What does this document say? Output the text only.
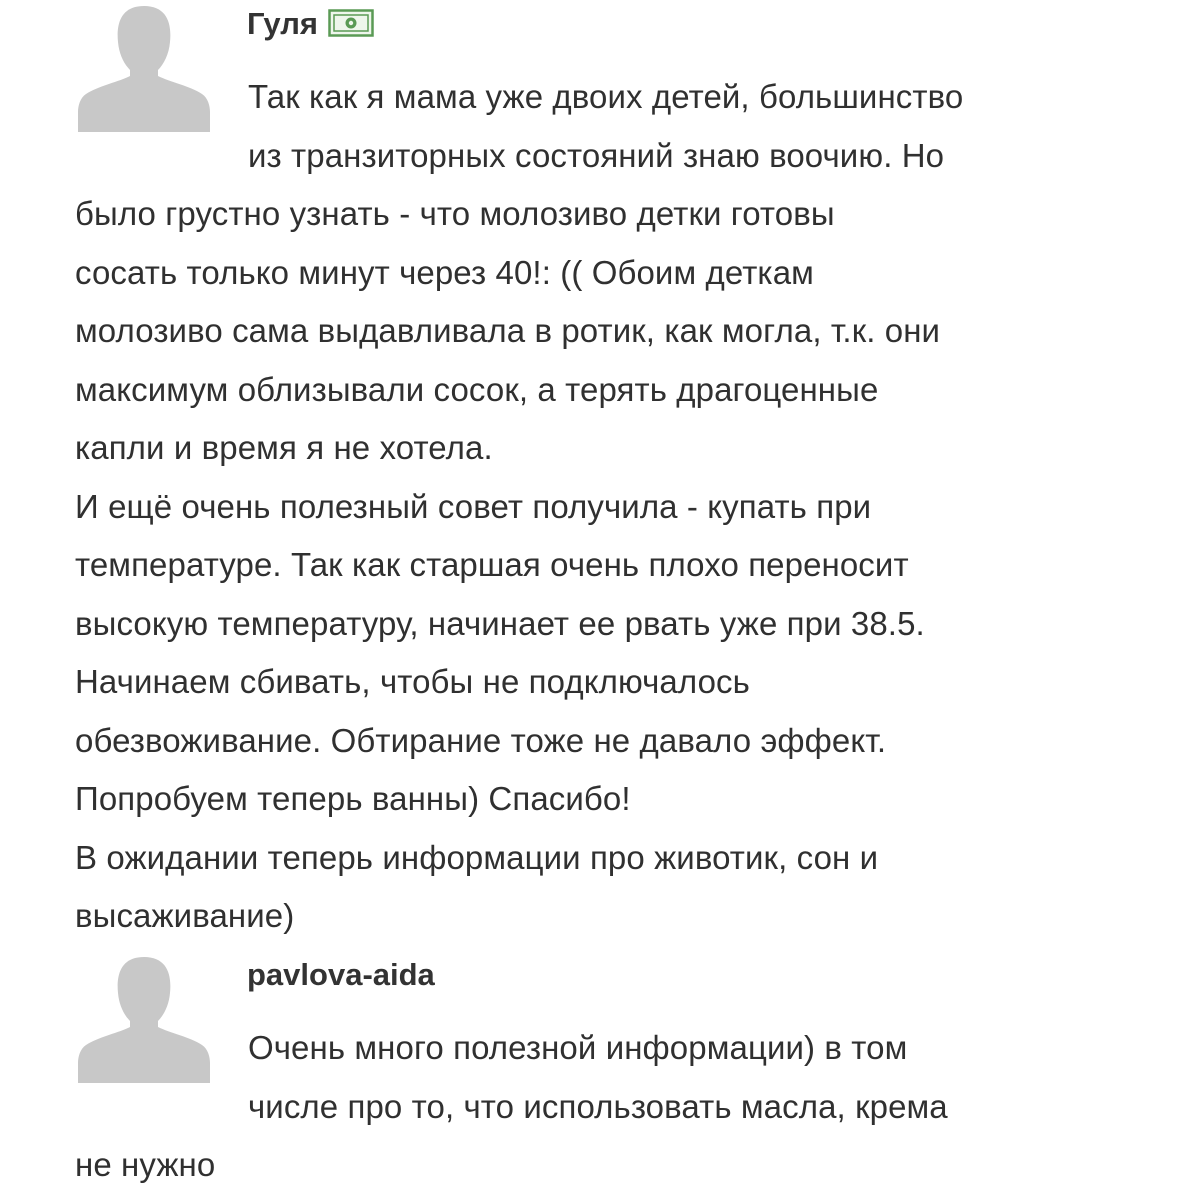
Гуля
Так как я мама уже двоих детей, большинство
из транзиторных состояний знаю воочию. Но
было грустно узнать - что молозиво детки готовы
сосать только минут через 40!: (( Обоим деткам
молозиво сама выдавливала в ротик, как могла, т.к. они
максимум облизывали сосок, а терять драгоценные
капли и время я не хотела.
И ещё очень полезный совет получила - купать при
температуре. Так как старшая очень плохо переносит
высокую температуру, начинает ее рвать уже при 38.5.
Начинаем сбивать, чтобы не подключалось
обезвоживание. Обтирание тоже не давало эффект.
Попробуем теперь ванны) Спасибо!
В ожидании теперь информации про животик, сон и
высаживание)
pavlova-aida
Очень много полезной информации) в том
числе про то, что использовать масла, крема
не нужно
